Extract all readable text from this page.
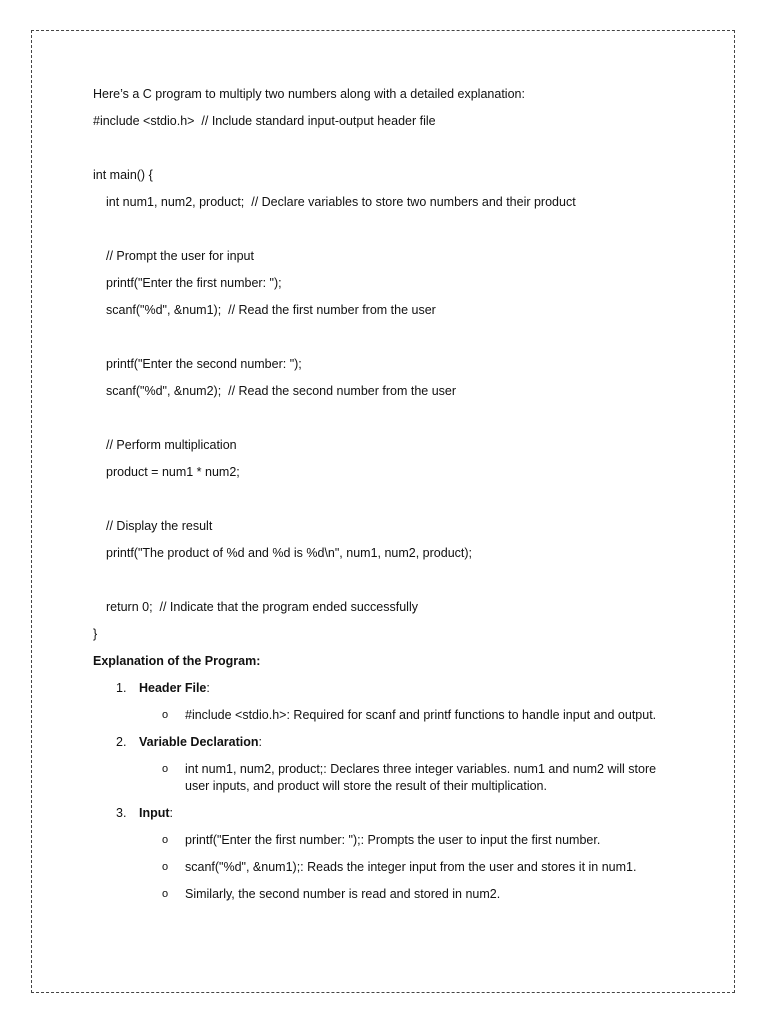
Here’s a C program to multiply two numbers along with a detailed explanation:
#include <stdio.h>  // Include standard input-output header file
int main() {
int num1, num2, product;  // Declare variables to store two numbers and their product
// Prompt the user for input
printf("Enter the first number: ");
scanf("%d", &num1);  // Read the first number from the user
printf("Enter the second number: ");
scanf("%d", &num2);  // Read the second number from the user
// Perform multiplication
product = num1 * num2;
// Display the result
printf("The product of %d and %d is %d\n", num1, num2, product);
return 0;  // Indicate that the program ended successfully
}
Explanation of the Program:
1.	Header File:
o #include <stdio.h>: Required for scanf and printf functions to handle input and output.
2.	Variable Declaration:
o int num1, num2, product;: Declares three integer variables. num1 and num2 will store user inputs, and product will store the result of their multiplication.
3.	Input:
o printf("Enter the first number: ");: Prompts the user to input the first number.
o scanf("%d", &num1);: Reads the integer input from the user and stores it in num1.
o Similarly, the second number is read and stored in num2.
